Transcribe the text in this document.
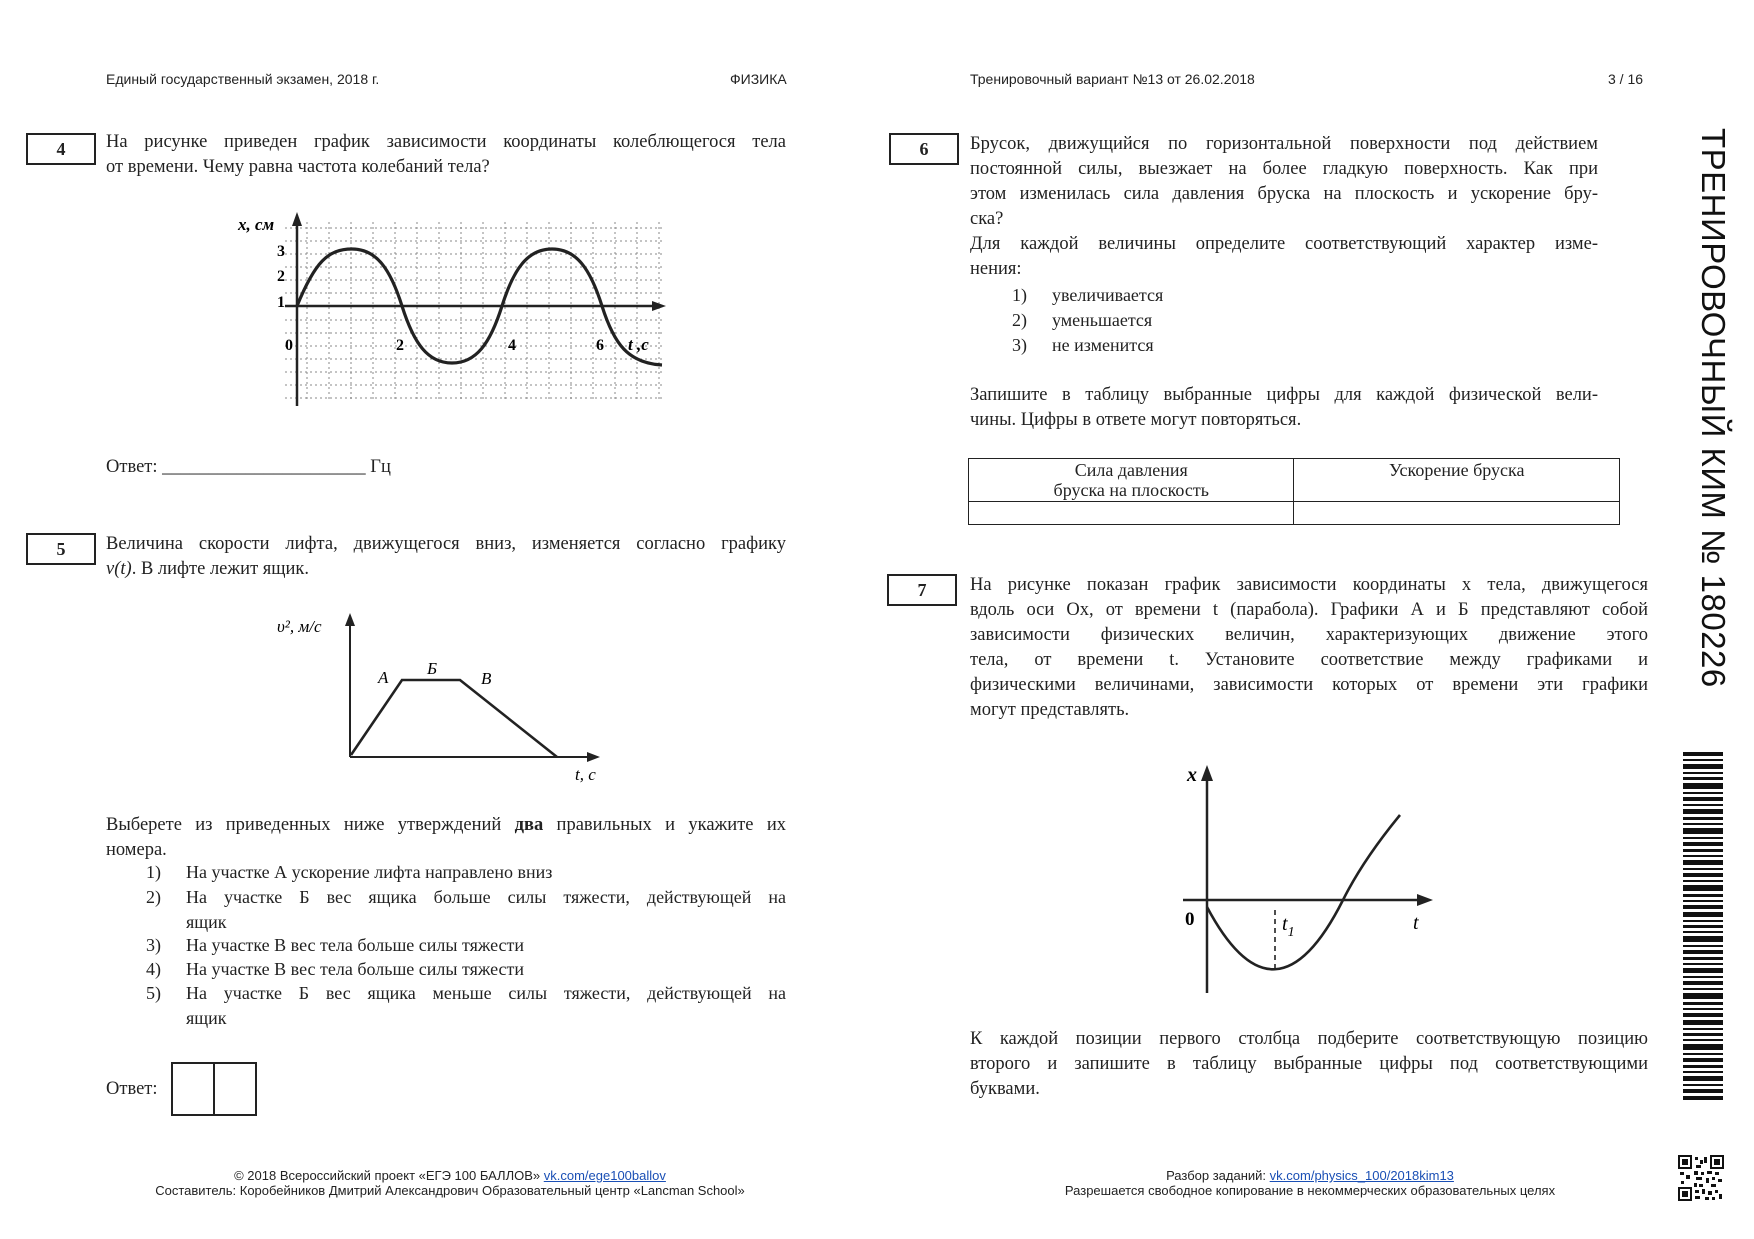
Единый государственный экзамен, 2018 г.	ФИЗИКА	Тренировочный вариант №13 от 26.02.2018	3 / 16
ТРЕНИРОВОЧНЫЙ КИМ № 180226
4	На рисунке приведен график зависимости координаты колеблющегося тела
от времени. Чему равна частота колебаний тела?
x, см
3
2
1
0	2	4	6 t ,с
Ответ: ______________________ Гц
5	Величина скорости лифта, движущегося вниз, изменяется согласно графику
v(t). В лифте лежит ящик.
υ², м/с
А Б
В
t, c
Выберете из приведенных ниже утверждений два правильных и укажите их
номера.
1) На участке А ускорение лифта направлено вниз
2) На участке Б вес ящика больше силы тяжести, действующей на
ящик
3) На участке В вес тела больше силы тяжести
4) На участке В вес тела больше силы тяжести
5) На участке Б вес ящика меньше силы тяжести, действующей на
ящик
Ответ:
6	Брусок, движущийся по горизонтальной поверхности под действием
постоянной силы, выезжает на более гладкую поверхность. Как при
этом изменилась сила давления бруска на плоскость и ускорение бру-
ска?
Для каждой величины определите соответствующий характер изме-
нения:
1) увеличивается
2) уменьшается
3) не изменится
Запишите в таблицу выбранные цифры для каждой физической вели-
чины. Цифры в ответе могут повторяться.
Сила давления
бруска на плоскость	Ускорение бруска

7	На рисунке показан график зависимости координаты x тела, движущегося
вдоль оси Ox, от времени t (парабола). Графики А и Б представляют собой
зависимости физических величин, характеризующих движение этого
тела, от времени t. Установите соответствие между графиками и
физическими величинами, зависимости которых от времени эти графики
могут представлять.
x
0	$t_1$	t
К каждой позиции первого столбца подберите соответствующую позицию
второго и запишите в таблицу выбранные цифры под соответствующими
буквами.
© 2018 Всероссийский проект «ЕГЭ 100 БАЛЛОВ» vk.com/ege100ballov
Составитель: Коробейников Дмитрий Александрович Образовательный центр «Lancman School»
Разбор заданий: vk.com/physics_100/2018kim13
Разрешается свободное копирование в некоммерческих образовательных целях
